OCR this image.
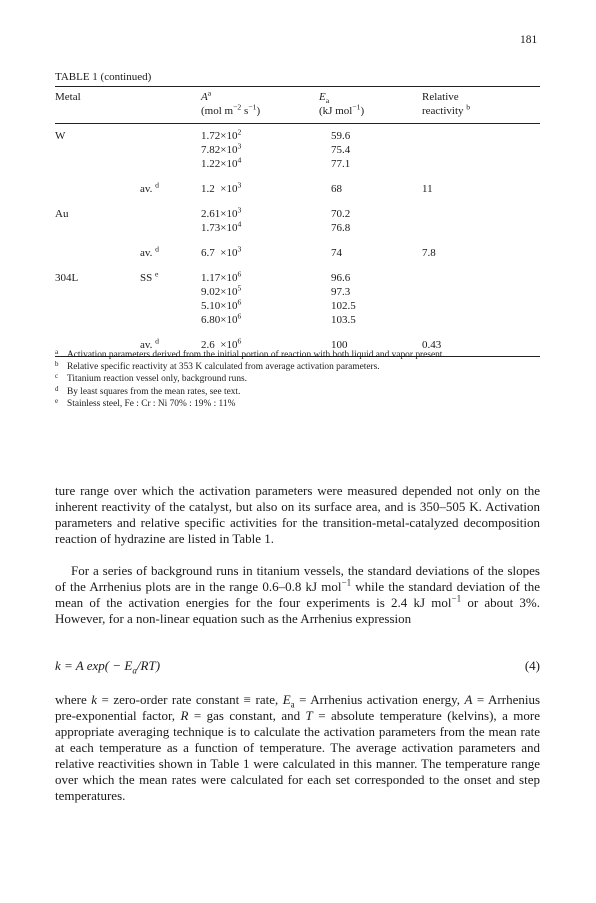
181
TABLE 1 (continued)
Metal		$A^a$	$E_a$	Relative
		(mol $m^{-2}$ $s^{-1}$)	(kJ mol$^{-1}$)	reactivity $^b$
W		$1.72\times 10^2$	59.6	
		$7.82\times 10^3$	75.4	
		$1.22\times 10^4$	77.1	
	av. $^d$	$1.2 \times 10^3$	68	11
Au		$2.61\times 10^3$	70.2	
		$1.73\times 10^4$	76.8	
	av. $^d$	$6.7 \times 10^3$	74	7.8
304L	SS $^e$	$1.17\times 10^6$	96.6	
		$9.02\times 10^5$	97.3	
		$5.10\times 10^6$	102.5	
		$6.80\times 10^6$	103.5	
	av. $^d$	$2.6 \times 10^6$	100	0.43
a Activation parameters derived from the initial portion of reaction with both liquid and vapor present.
b Relative specific reactivity at 353 K calculated from average activation parameters.
c Titanium reaction vessel only, background runs.
d By least squares from the mean rates, see text.
e Stainless steel, Fe : Cr : Ni 70% : 19% : 11%
ture range over which the activation parameters were measured depended not only on the inherent reactivity of the catalyst, but also on its surface area, and is 350–505 K. Activation parameters and relative specific activities for the transition-metal-catalyzed decomposition reaction of hydrazine are listed in Table 1.
For a series of background runs in titanium vessels, the standard deviations of the slopes of the Arrhenius plots are in the range 0.6–0.8 kJ mol$^{-1}$ while the standard deviation of the mean of the activation energies for the four experiments is 2.4 kJ mol$^{-1}$ or about 3%. However, for a non-linear equation such as the Arrhenius expression
k = A $\exp( - E_a/RT)$	(4)
where k = zero-order rate constant ≡ rate, $E_a$ = Arrhenius activation energy, A = Arrhenius pre-exponential factor, R = gas constant, and T = absolute temperature (kelvins), a more appropriate averaging technique is to calculate the activation parameters from the mean rate at each temperature as a function of temperature. The average activation parameters and relative reactivities shown in Table 1 were calculated in this manner. The temperature range over which the mean rates were calculated for each set corresponded to the onset and step temperatures.
